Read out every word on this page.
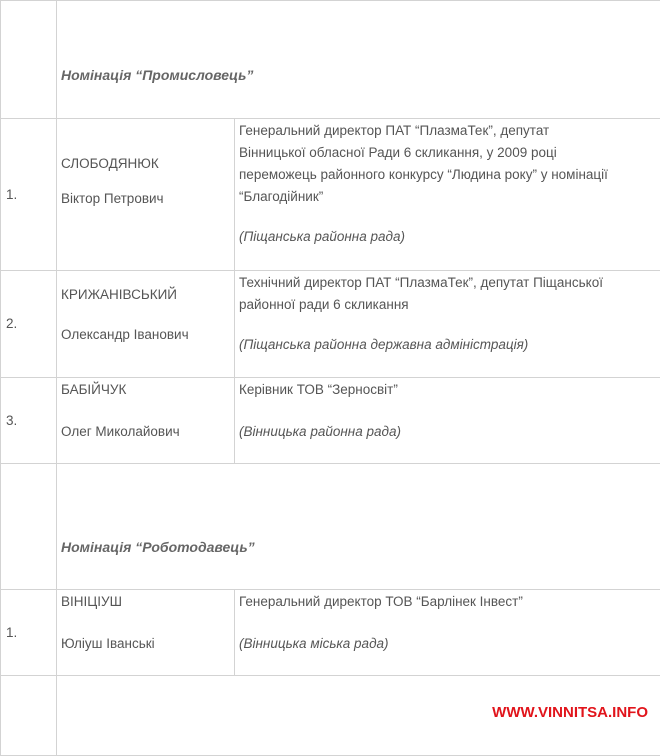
	Номінація “Промисловець”	
1.	СЛОБОДЯНЮК
Віктор Петрович	Генеральний директор ПАТ “ПлазмаТек”, депутат
Вінницької обласної Ради 6 скликання, у 2009 році
переможець районного конкурсу “Людина року” у номінації
“Благодійник”
(Піщанська районна рада)

2.	КРИЖАНІВСЬКИЙ
Олександр Іванович	Технічний директор ПАТ “ПлазмаТек”, депутат Піщанської
районної ради 6 скликання
(Піщанська районна державна адміністрація)

3.	БАБІЙЧУК
Олег Миколайович	Керівник ТОВ “Зерносвіт”
(Вінницька районна рада)

	Номінація “Роботодавець”	
1.	ВІНІЦІУШ
Юліуш Іванські	Генеральний директор ТОВ “Барлінек Інвест”
(Вінницька міська рада)

WWW.VINNITSA.INFO
